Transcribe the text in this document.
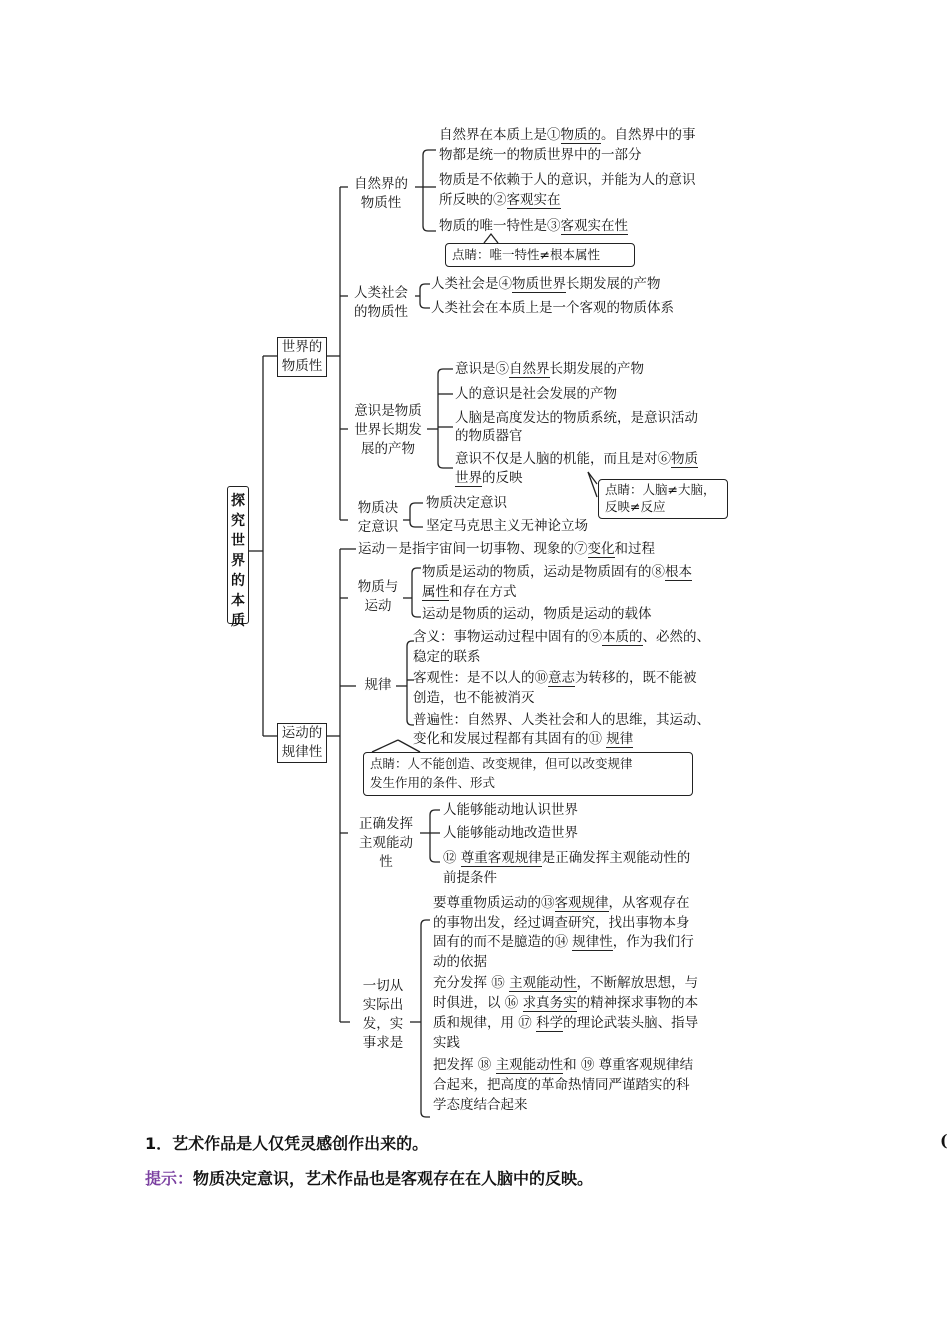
探究世界的本质
世界的物质性
运动的规律性
自然界的物质性
人类社会的物质性
意识是物质世界长期发展的产物
物质决定意识
自然界在本质上是①物质的。自然界中的事
物都是统一的物质世界中的一部分
物质是不依赖于人的意识，并能为人的意识
所反映的②客观实在
物质的唯一特性是③客观实在性
点睛：唯一特性≠根本属性
人类社会是④物质世界长期发展的产物
人类社会在本质上是一个客观的物质体系
意识是⑤自然界长期发展的产物
人的意识是社会发展的产物
人脑是高度发达的物质系统，是意识活动
的物质器官
意识不仅是人脑的机能，而且是对⑥物质
世界的反映
点睛：人脑≠大脑，
反映≠反应
物质决定意识
坚定马克思主义无神论立场
运动－是指宇宙间一切事物、现象的⑦变化和过程
物质与运动
规律
正确发挥主观能动性
一切从实际出发，实事求是
物质是运动的物质，运动是物质固有的⑧根本
属性和存在方式
运动是物质的运动，物质是运动的载体
含义：事物运动过程中固有的⑨本质的、必然的、
稳定的联系
客观性：是不以人的⑩意志为转移的，既不能被
创造，也不能被消灭
普遍性：自然界、人类社会和人的思维，其运动、
变化和发展过程都有其固有的⑪ 规律
点睛：人不能创造、改变规律，但可以改变规律
发生作用的条件、形式
人能够能动地认识世界
人能够能动地改造世界
⑫ 尊重客观规律是正确发挥主观能动性的
前提条件
要尊重物质运动的⑬客观规律，从客观存在
的事物出发，经过调查研究，找出事物本身
固有的而不是臆造的⑭ 规律性，作为我们行
动的依据
充分发挥 ⑮ 主观能动性，不断解放思想，与
时俱进，以 ⑯ 求真务实的精神探求事物的本
质和规律，用 ⑰ 科学的理论武装头脑、指导
实践
把发挥 ⑱ 主观能动性和 ⑲ 尊重客观规律结
合起来，把高度的革命热情同严谨踏实的科
学态度结合起来
1．艺术作品是人仅凭灵感创作出来的。	(
提示：物质决定意识，艺术作品也是客观存在在人脑中的反映。
